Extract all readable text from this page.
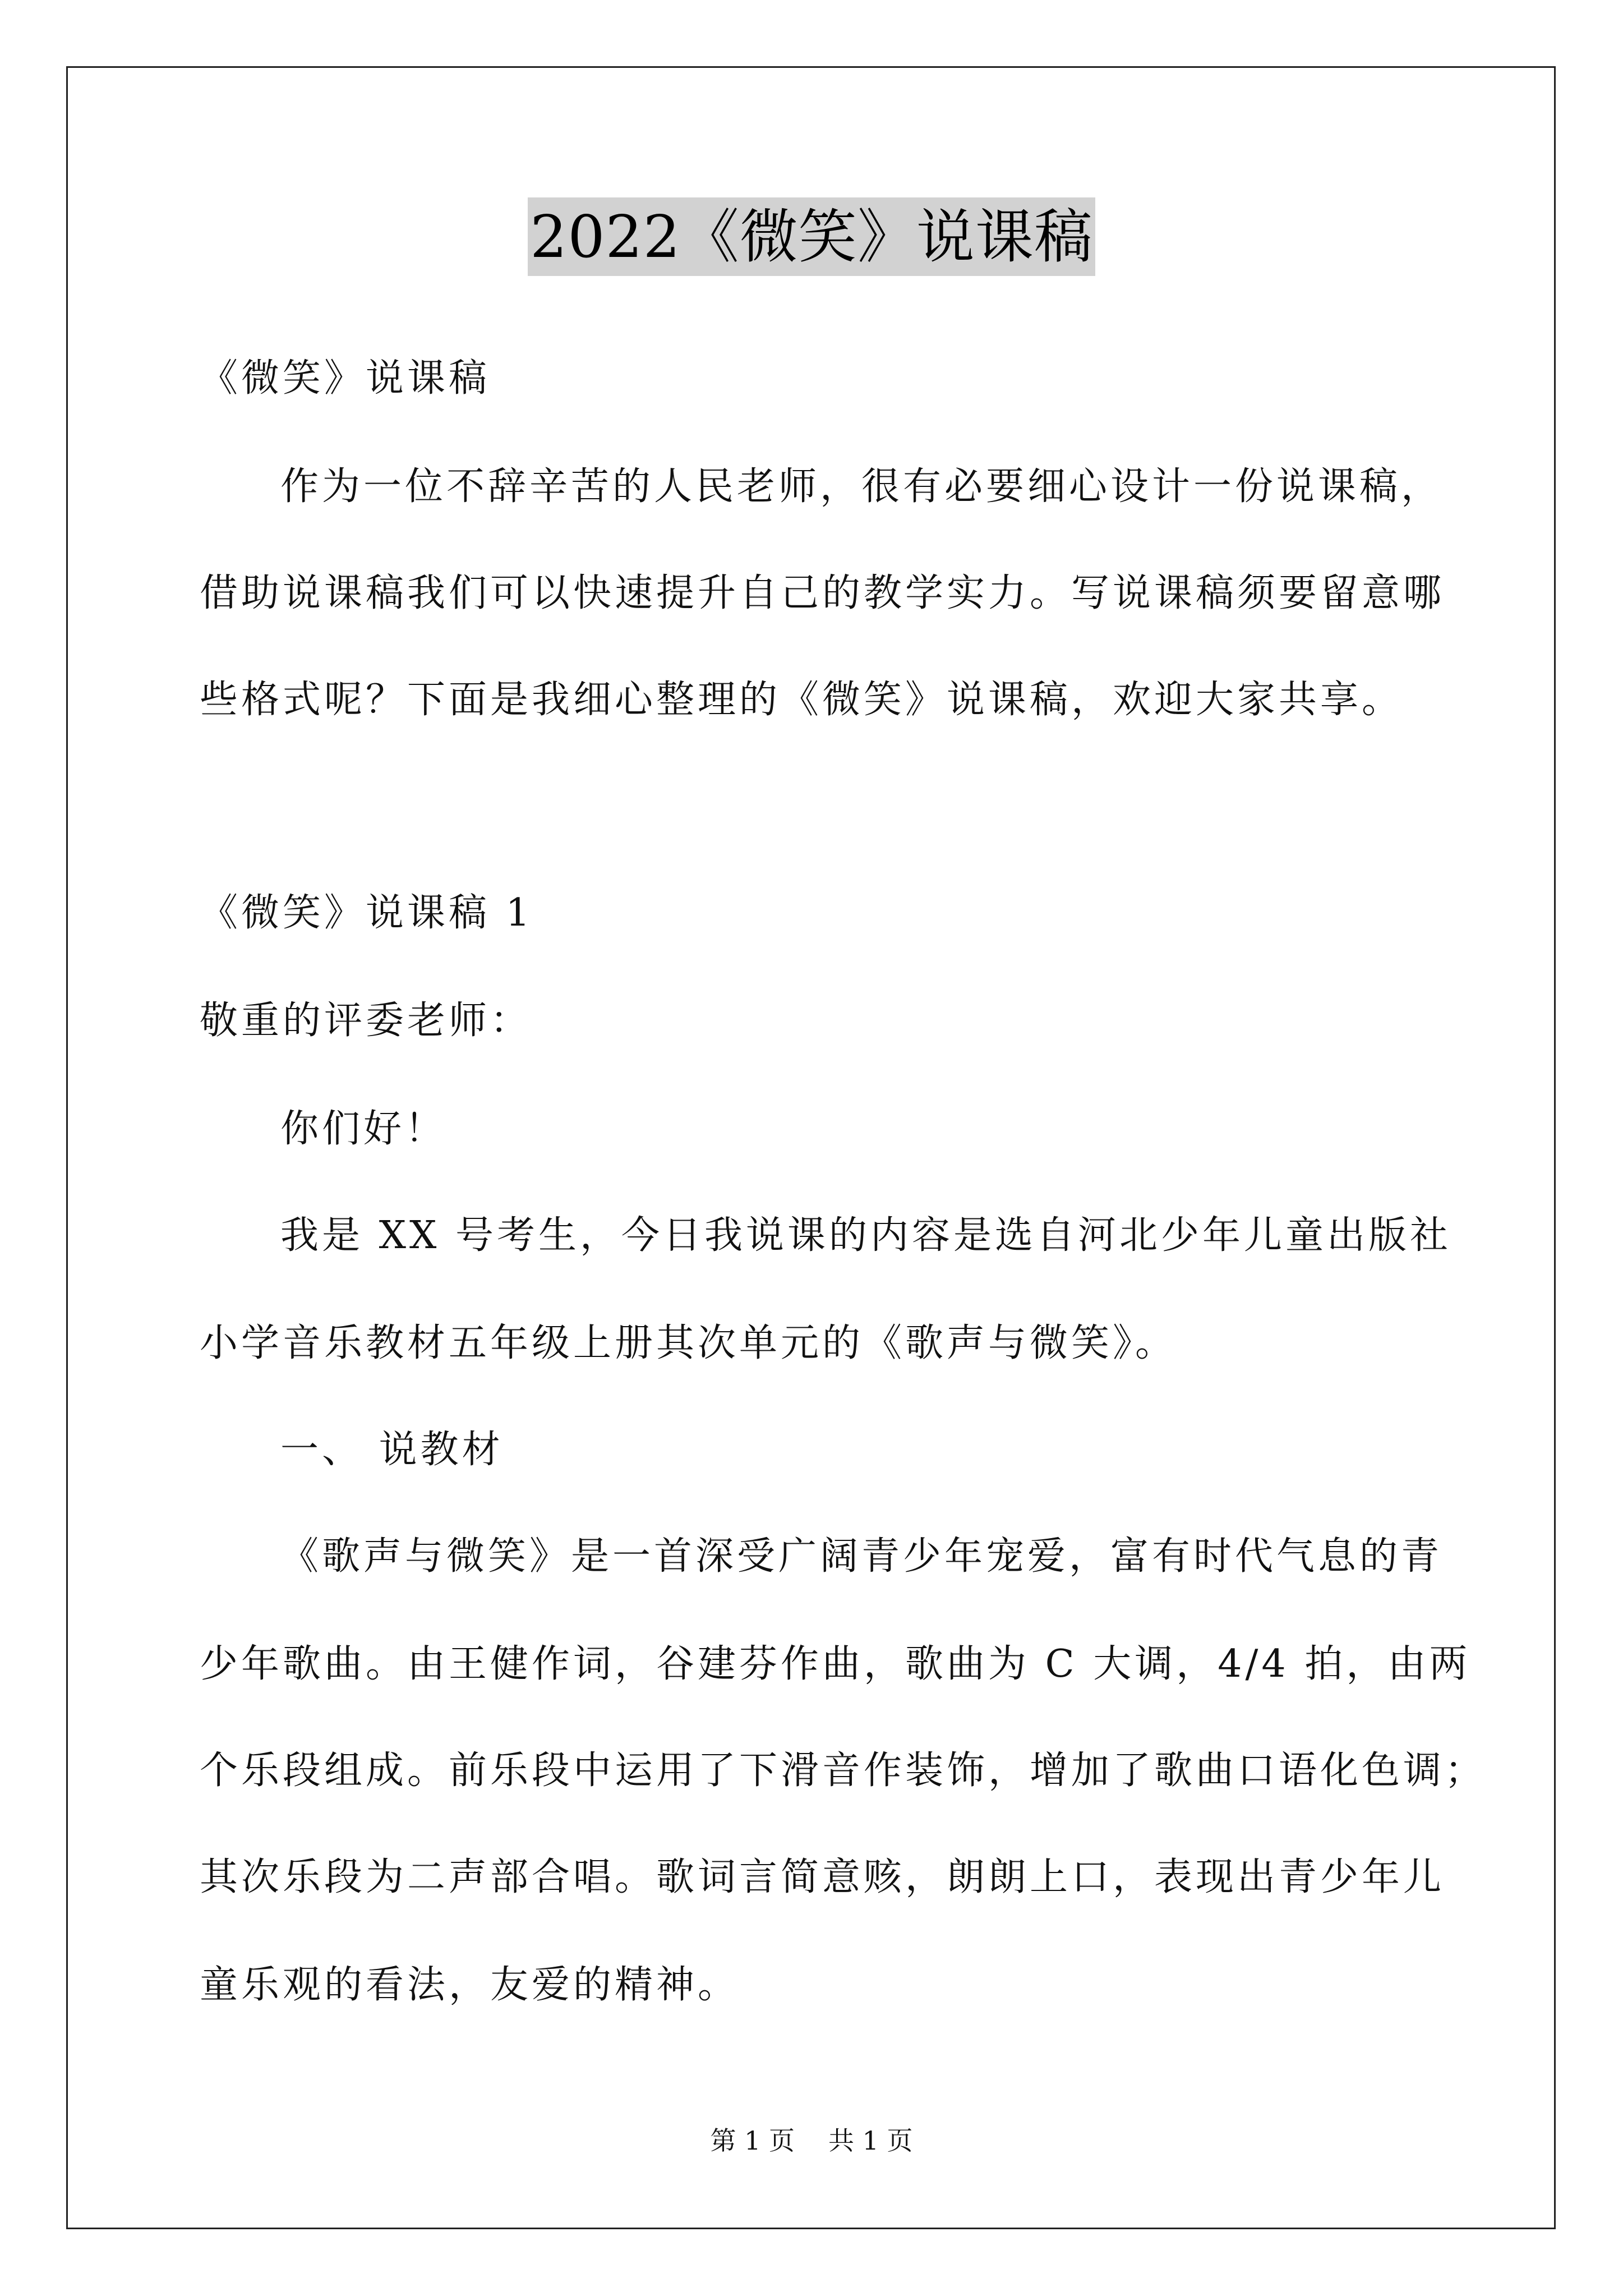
2022《微笑》说课稿
《微笑》说课稿
作为一位不辞辛苦的人民老师，很有必要细心设计一份说课稿，
借助说课稿我们可以快速提升自己的教学实力。写说课稿须要留意哪
些格式呢？下面是我细心整理的《微笑》说课稿，欢迎大家共享。
《微笑》说课稿 1
敬重的评委老师：
你们好！
我是 XX 号考生，今日我说课的内容是选自河北少年儿童出版社
小学音乐教材五年级上册其次单元的《歌声与微笑》。
一、 说教材
《歌声与微笑》是一首深受广阔青少年宠爱，富有时代气息的青
少年歌曲。由王健作词，谷建芬作曲，歌曲为 C 大调，4/4 拍，由两
个乐段组成。前乐段中运用了下滑音作装饰，增加了歌曲口语化色调；
其次乐段为二声部合唱。歌词言简意赅，朗朗上口，表现出青少年儿
童乐观的看法，友爱的精神。
第 1 页 共 1 页
